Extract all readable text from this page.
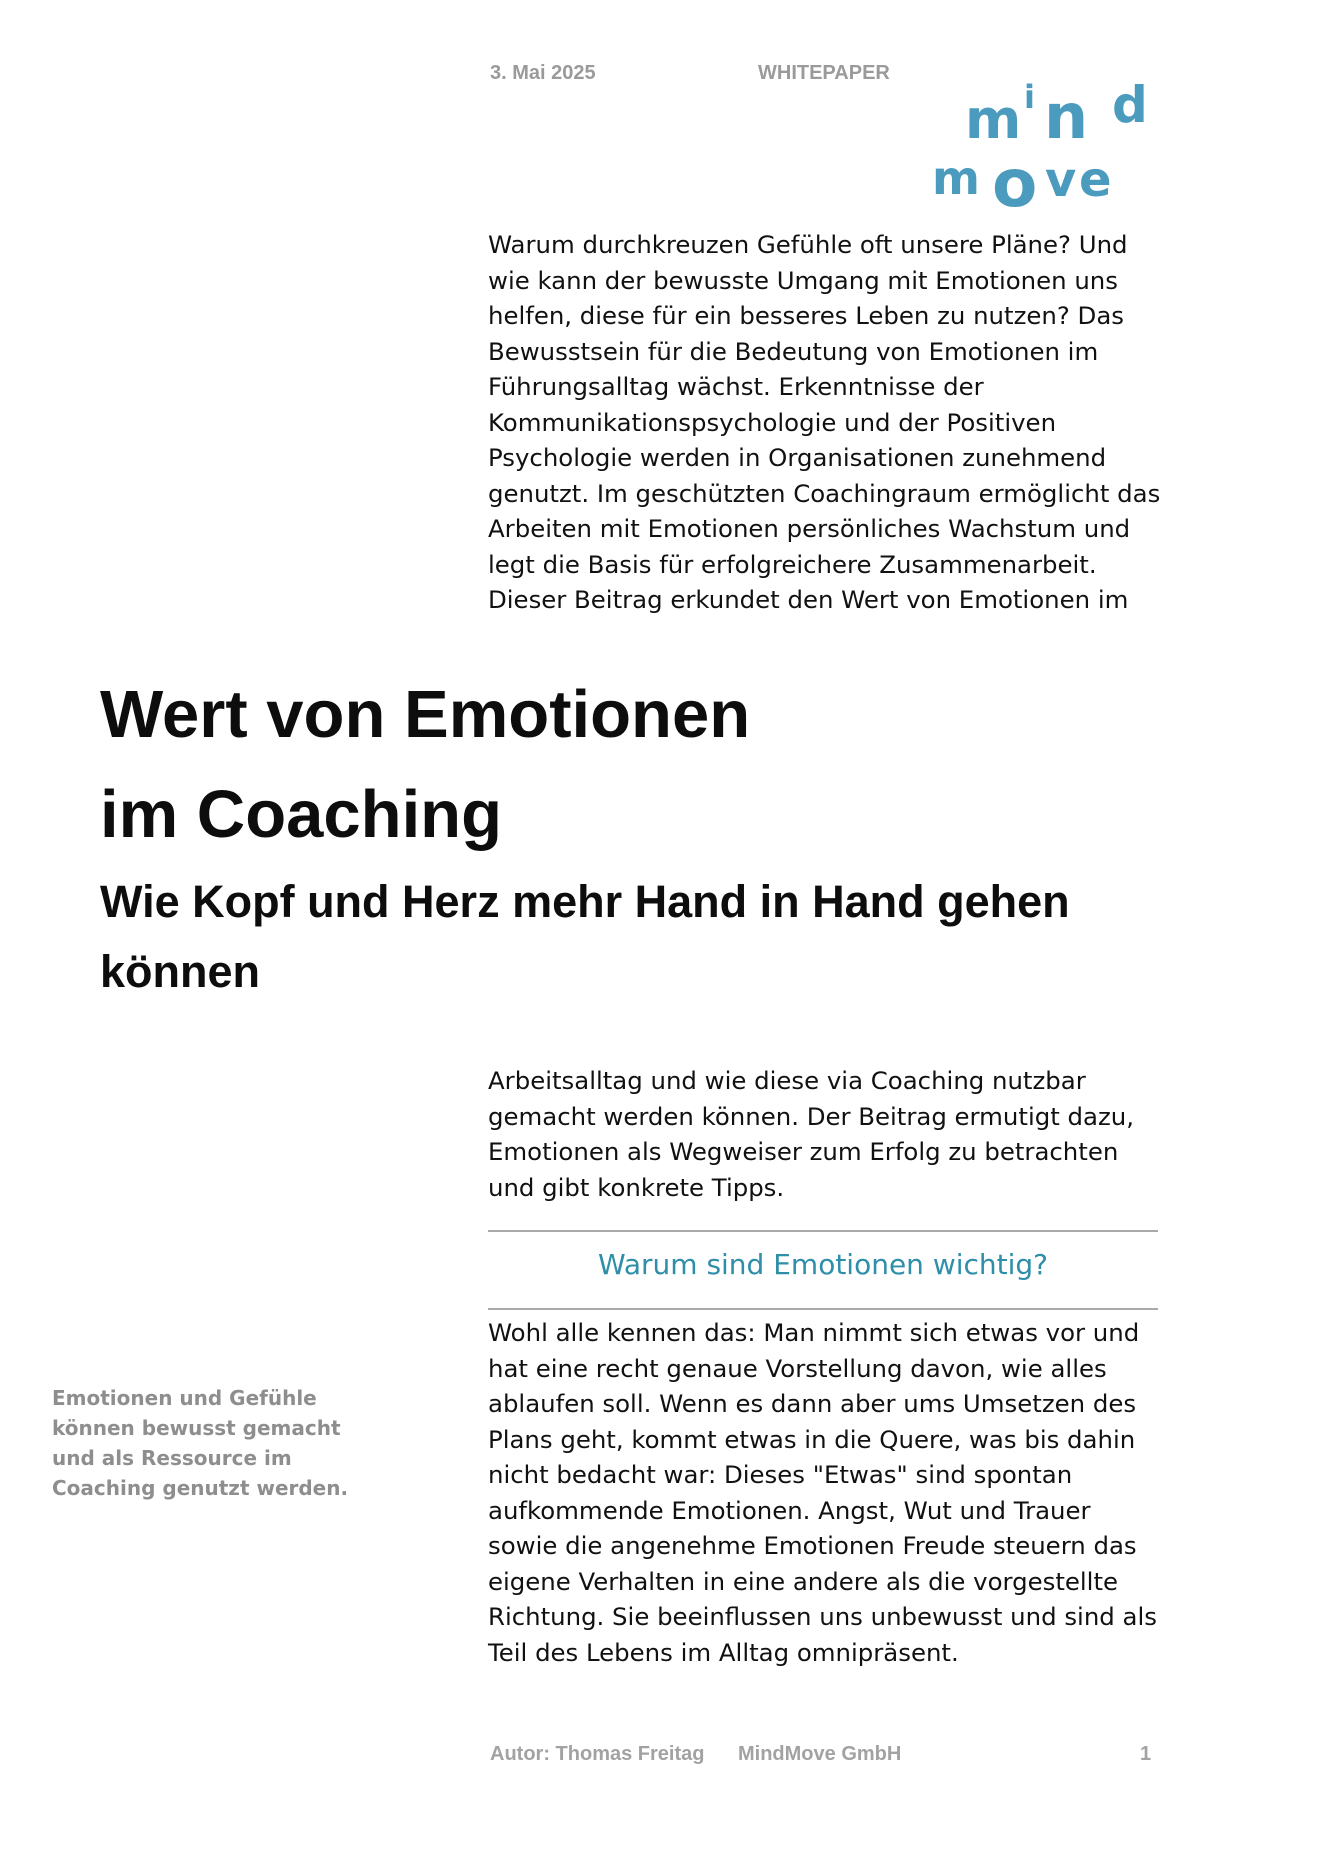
3. Mai 2025	WHITEPAPER
m i n d
m o v e

Warum durchkreuzen Gefühle oft unsere Pläne? Und

wie kann der bewusste Umgang mit Emotionen uns

helfen, diese für ein besseres Leben zu nutzen? Das

Bewusstsein für die Bedeutung von Emotionen im

Führungsalltag wächst. Erkenntnisse der

Kommunikationspsychologie und der Positiven

Psychologie werden in Organisationen zunehmend

genutzt. Im geschützten Coachingraum ermöglicht das

Arbeiten mit Emotionen persönliches Wachstum und

legt die Basis für erfolgreichere Zusammenarbeit.

Dieser Beitrag erkundet den Wert von Emotionen im

Wert von Emotionen

im Coaching

Wie Kopf und Herz mehr Hand in Hand gehen

können

Arbeitsalltag und wie diese via Coaching nutzbar

gemacht werden können. Der Beitrag ermutigt dazu,

Emotionen als Wegweiser zum Erfolg zu betrachten

und gibt konkrete Tipps.

Warum sind Emotionen wichtig?

Wohl alle kennen das: Man nimmt sich etwas vor und

hat eine recht genaue Vorstellung davon, wie alles

ablaufen soll. Wenn es dann aber ums Umsetzen des

Plans geht, kommt etwas in die Quere, was bis dahin

nicht bedacht war: Dieses "Etwas" sind spontan

aufkommende Emotionen. Angst, Wut und Trauer

sowie die angenehme Emotionen Freude steuern das

eigene Verhalten in eine andere als die vorgestellte

Richtung. Sie beeinflussen uns unbewusst und sind als

Teil des Lebens im Alltag omnipräsent.

Emotionen und Gefühle

können bewusst gemacht

und als Ressource im

Coaching genutzt werden.

Autor: Thomas Freitag MindMove GmbH	1
